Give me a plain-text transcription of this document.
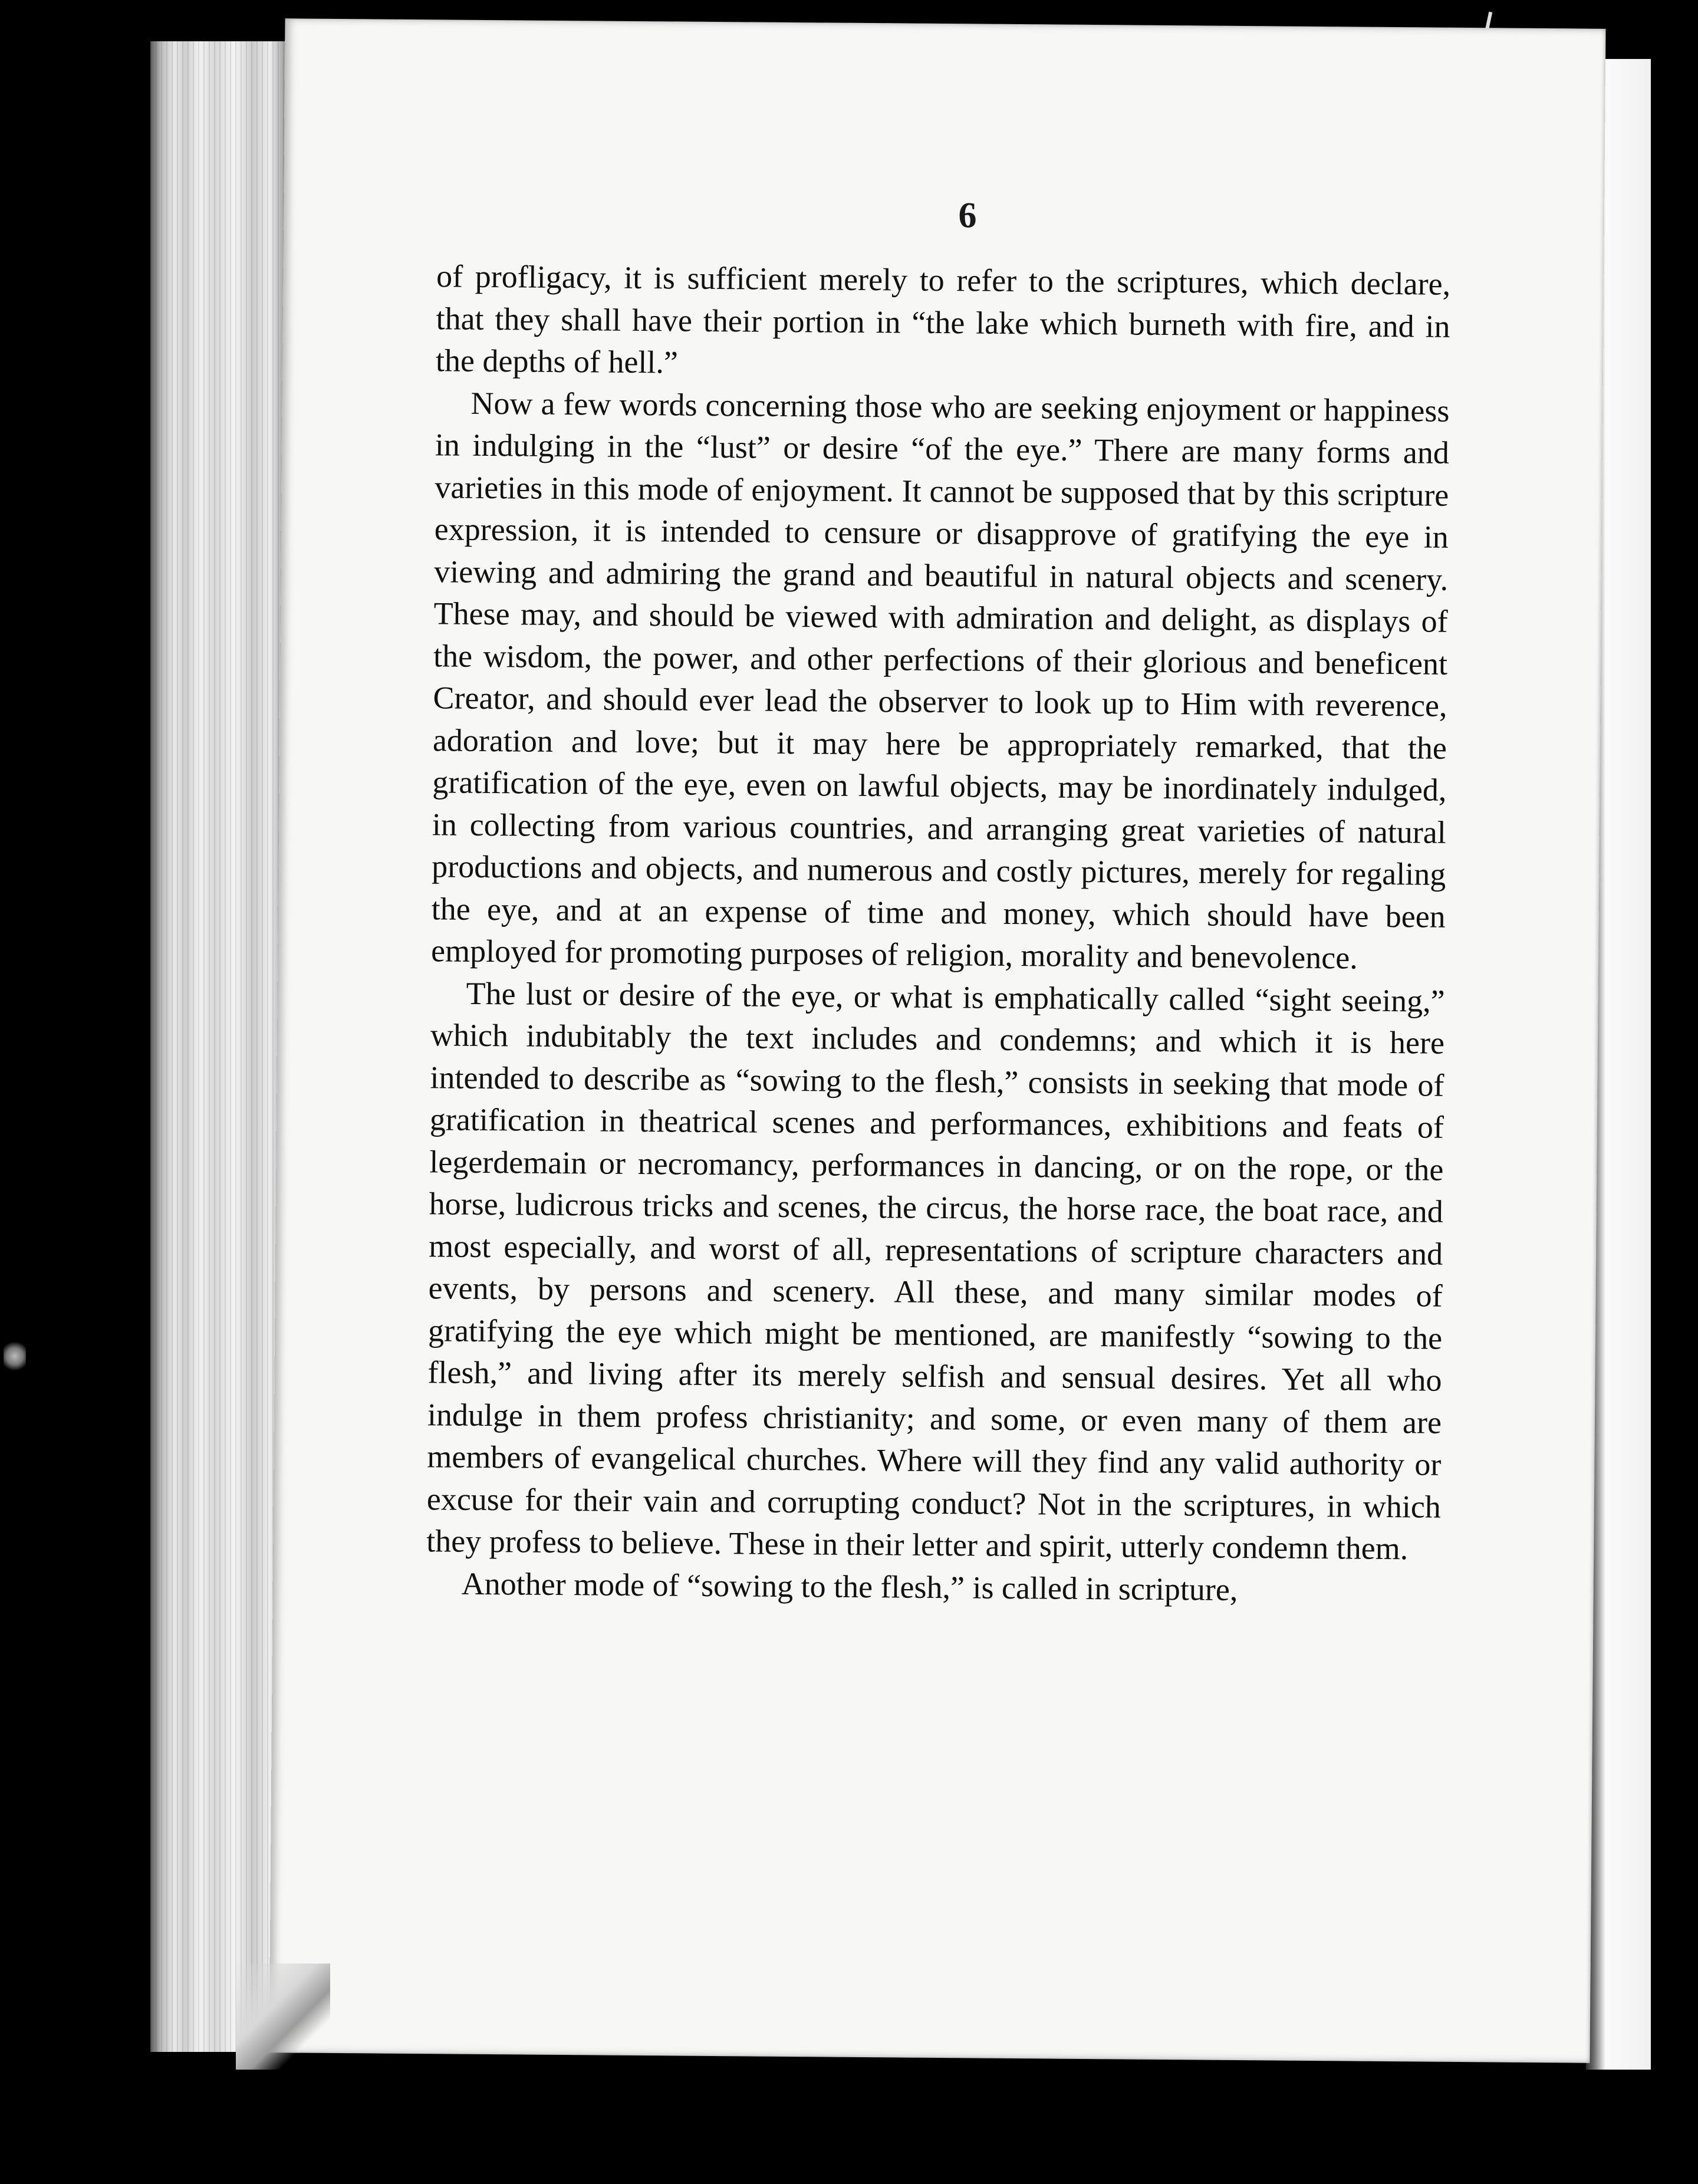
6

of profligacy, it is sufficient merely to refer to the scriptures, which declare, that they shall have their portion in “the lake which burneth with fire, and in the depths of hell.”

Now a few words concerning those who are seeking enjoyment or happiness in indulging in the “lust” or desire “of the eye.” There are many forms and varieties in this mode of enjoyment. It cannot be supposed that by this scripture expression, it is intended to censure or disapprove of gratifying the eye in viewing and admiring the grand and beautiful in natural objects and scenery. These may, and should be viewed with admiration and delight, as displays of the wisdom, the power, and other perfections of their glorious and beneficent Creator, and should ever lead the observer to look up to Him with reverence, adoration and love; but it may here be appropriately remarked, that the gratification of the eye, even on lawful objects, may be inordinately indulged, in collecting from various countries, and arranging great varieties of natural productions and objects, and numerous and costly pictures, merely for regaling the eye, and at an expense of time and money, which should have been employed for promoting purposes of religion, morality and benevolence.

The lust or desire of the eye, or what is emphatically called “sight seeing,” which indubitably the text includes and condemns; and which it is here intended to describe as “sowing to the flesh,” consists in seeking that mode of gratification in theatrical scenes and performances, exhibitions and feats of legerdemain or necromancy, performances in dancing, or on the rope, or the horse, ludicrous tricks and scenes, the circus, the horse race, the boat race, and most especially, and worst of all, representations of scripture characters and events, by persons and scenery. All these, and many similar modes of gratifying the eye which might be mentioned, are manifestly “sowing to the flesh,” and living after its merely selfish and sensual desires. Yet all who indulge in them profess christianity; and some, or even many of them are members of evangelical churches. Where will they find any valid authority or excuse for their vain and corrupting conduct? Not in the scriptures, in which they profess to believe. These in their letter and spirit, utterly condemn them.

Another mode of “sowing to the flesh,” is called in scripture,
